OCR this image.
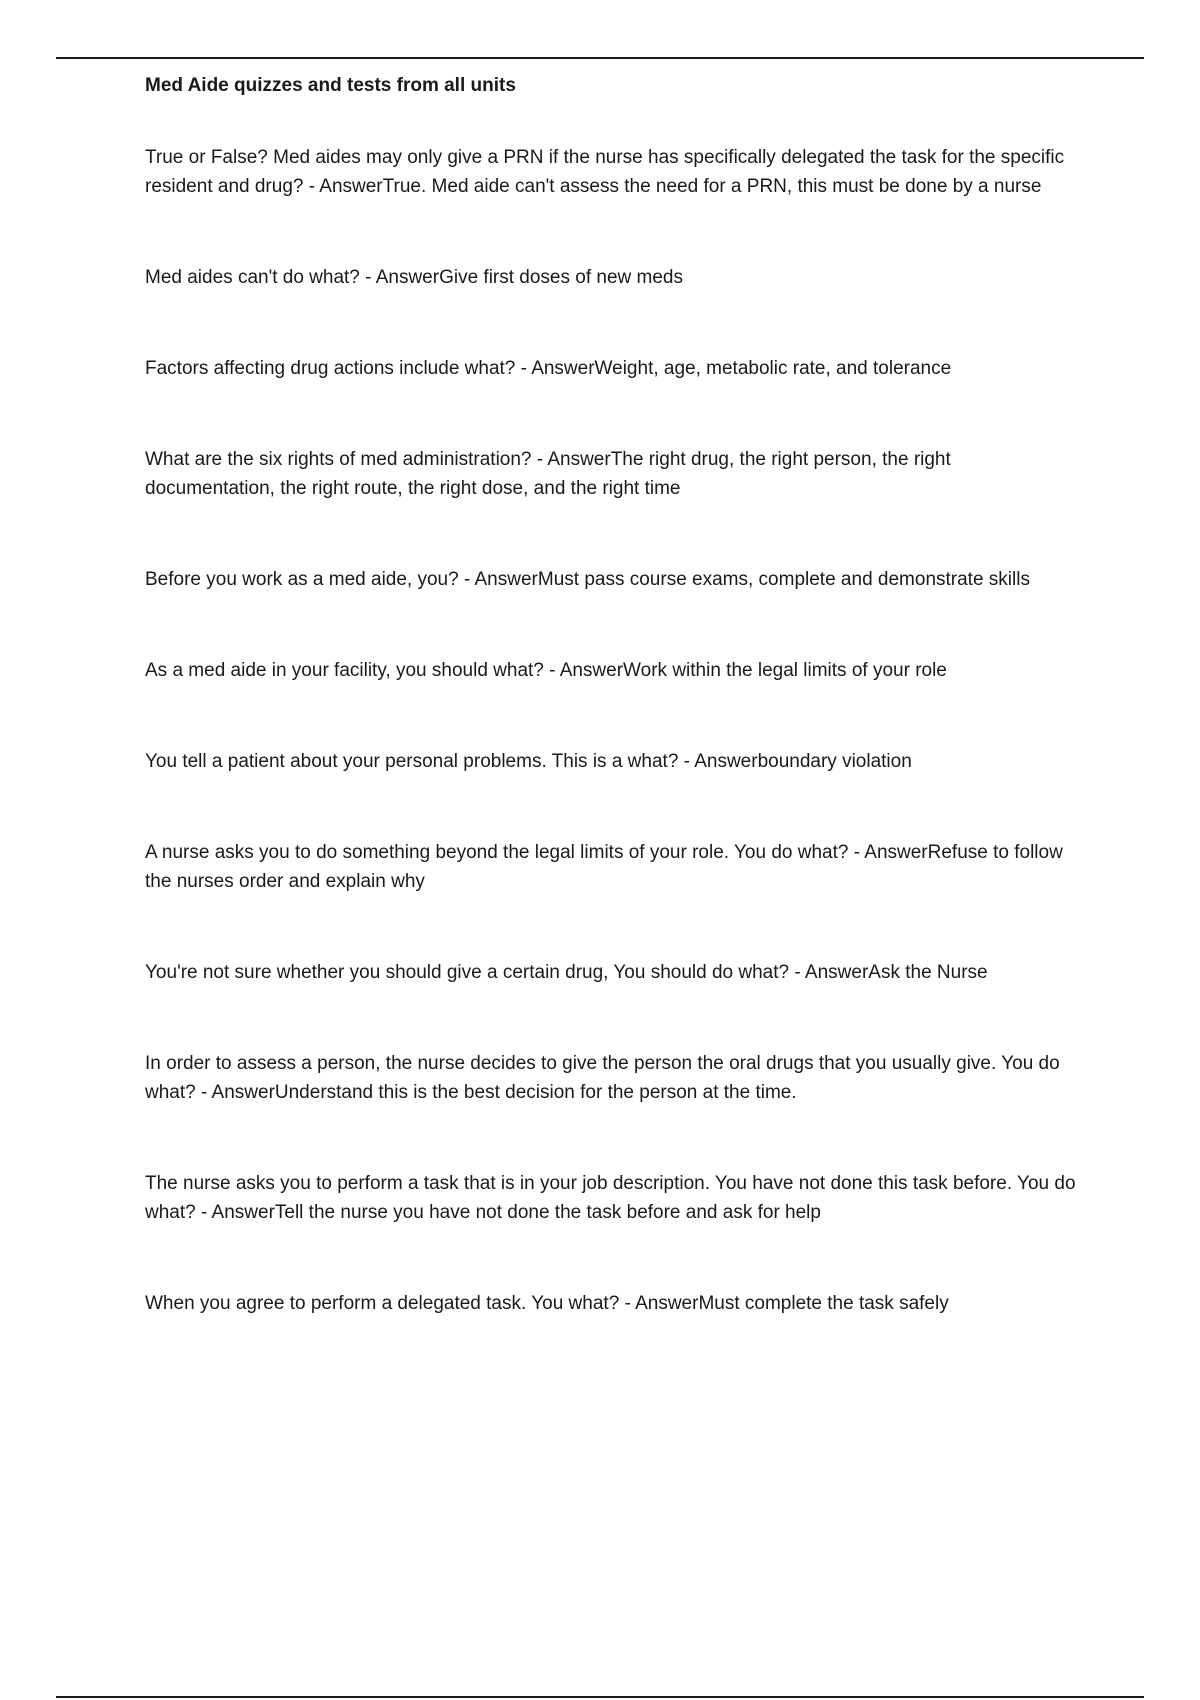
Med Aide quizzes and tests from all units
True or False? Med aides may only give a PRN if the nurse has specifically delegated the task for the specific resident and drug? - AnswerTrue. Med aide can't assess the need for a PRN, this must be done by a nurse
Med aides can't do what? - AnswerGive first doses of new meds
Factors affecting drug actions include what? - AnswerWeight, age, metabolic rate, and tolerance
What are the six rights of med administration? - AnswerThe right drug, the right person, the right documentation, the right route, the right dose, and the right time
Before you work as a med aide, you? - AnswerMust pass course exams, complete and demonstrate skills
As a med aide in your facility, you should what? - AnswerWork within the legal limits of your role
You tell a patient about your personal problems. This is a what? - Answerboundary violation
A nurse asks you to do something beyond the legal limits of your role. You do what? - AnswerRefuse to follow the nurses order and explain why
You're not sure whether you should give a certain drug, You should do what? - AnswerAsk the Nurse
In order to assess a person, the nurse decides to give the person the oral drugs that you usually give. You do what? - AnswerUnderstand this is the best decision for the person at the time.
The nurse asks you to perform a task that is in your job description. You have not done this task before. You do what? - AnswerTell the nurse you have not done the task before and ask for help
When you agree to perform a delegated task. You what? - AnswerMust complete the task safely
